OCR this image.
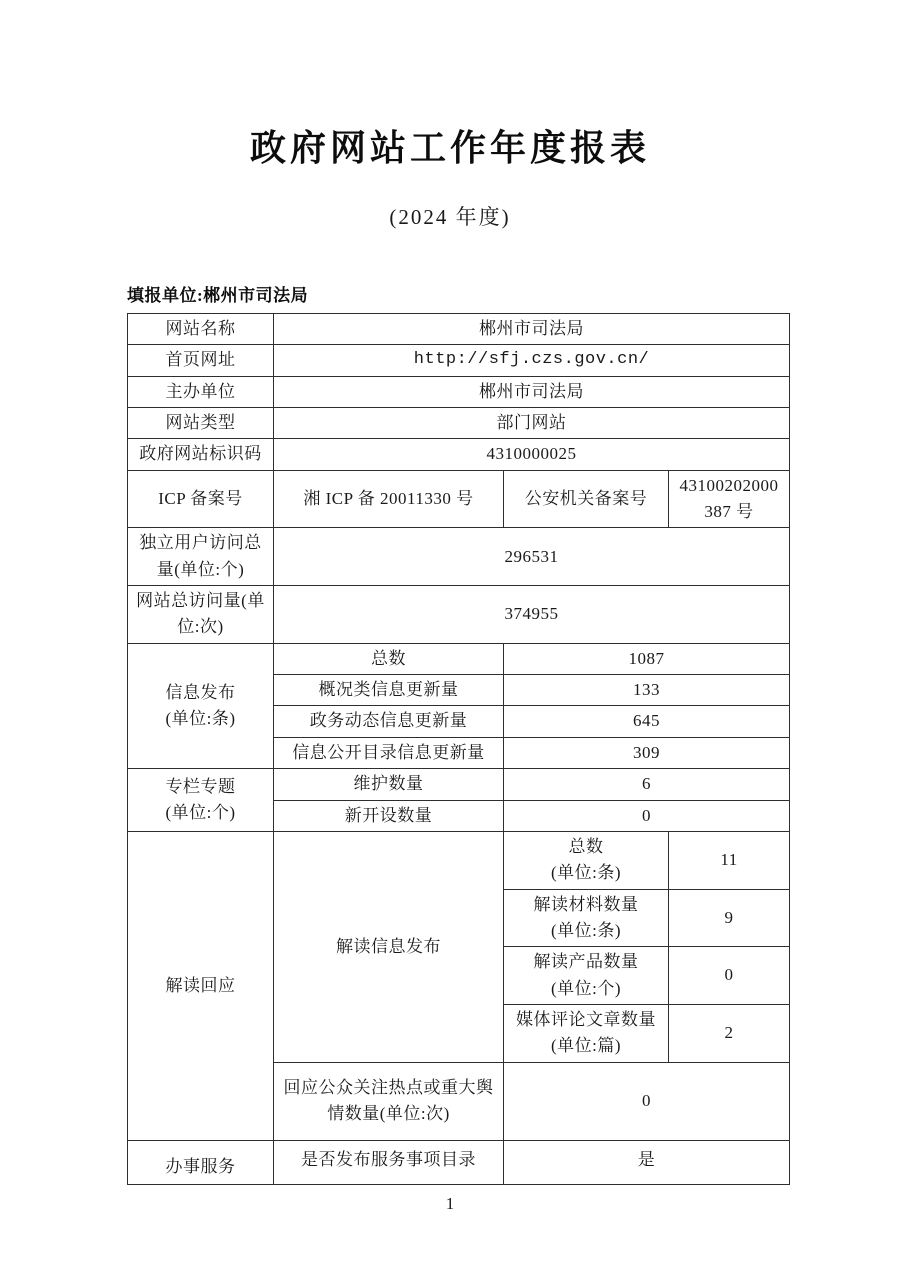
政府网站工作年度报表
(2024 年度)
填报单位:郴州市司法局
网站名称	郴州市司法局		
首页网址	http://sfj.czs.gov.cn/		
主办单位	郴州市司法局		
网站类型	部门网站		
政府网站标识码	4310000025		
ICP 备案号	湘 ICP 备 20011330 号	公安机关备案号	43100202000387 号
独立用户访问总量(单位:个)	296531		
网站总访问量(单位:次)	374955		

信息发布
(单位:条)	总数	1087	
	概况类信息更新量	133	
	政务动态信息更新量	645	
	信息公开目录信息更新量	309	

专栏专题
(单位:个)	维护数量	6	
	新开设数量	0	
解读回应	解读信息发布	总数
(单位:条)	11

		解读材料数量
(单位:条)	9

		解读产品数量
(单位:个)	0

		媒体评论文章数量
(单位:篇)	2
	回应公众关注热点或重大舆情数量(单位:次)	0	
办事服务	是否发布服务事项目录	是	
1
